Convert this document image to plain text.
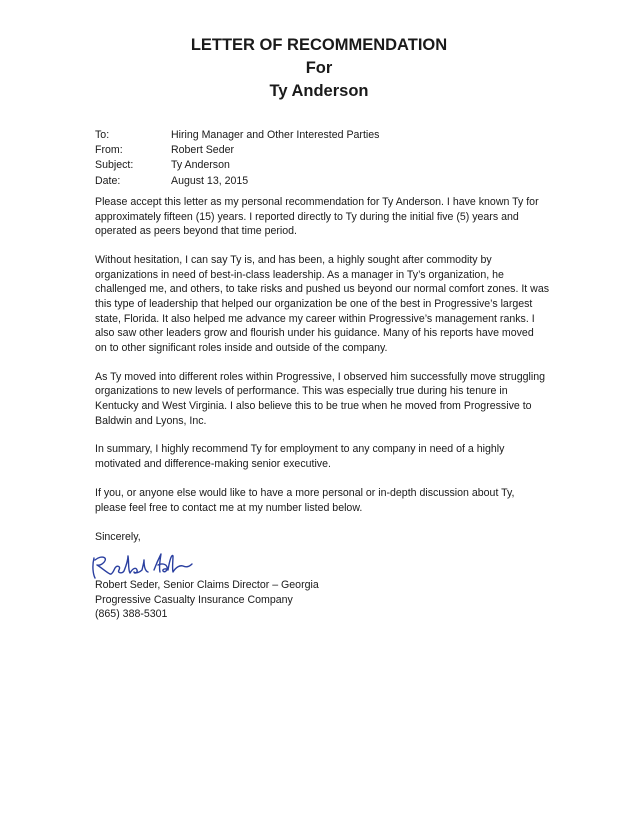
LETTER OF RECOMMENDATION
For
Ty Anderson
To:	Hiring Manager and Other Interested Parties
From:	Robert Seder
Subject:	Ty Anderson
Date:	August 13, 2015

Please accept this letter as my personal recommendation for Ty Anderson. I have known Ty for
approximately fifteen (15) years. I reported directly to Ty during the initial five (5) years and
operated as peers beyond that time period.

Without hesitation, I can say Ty is, and has been, a highly sought after commodity by
organizations in need of best-in-class leadership. As a manager in Ty’s organization, he
challenged me, and others, to take risks and pushed us beyond our normal comfort zones. It was
this type of leadership that helped our organization be one of the best in Progressive’s largest
state, Florida. It also helped me advance my career within Progressive’s management ranks. I
also saw other leaders grow and flourish under his guidance. Many of his reports have moved
on to other significant roles inside and outside of the company.

As Ty moved into different roles within Progressive, I observed him successfully move struggling
organizations to new levels of performance. This was especially true during his tenure in
Kentucky and West Virginia. I also believe this to be true when he moved from Progressive to
Baldwin and Lyons, Inc.

In summary, I highly recommend Ty for employment to any company in need of a highly
motivated and difference-making senior executive.

If you, or anyone else would like to have a more personal or in-depth discussion about Ty,
please feel free to contact me at my number listed below.

Sincerely,

Robert Seder, Senior Claims Director – Georgia
Progressive Casualty Insurance Company
(865) 388-5301
